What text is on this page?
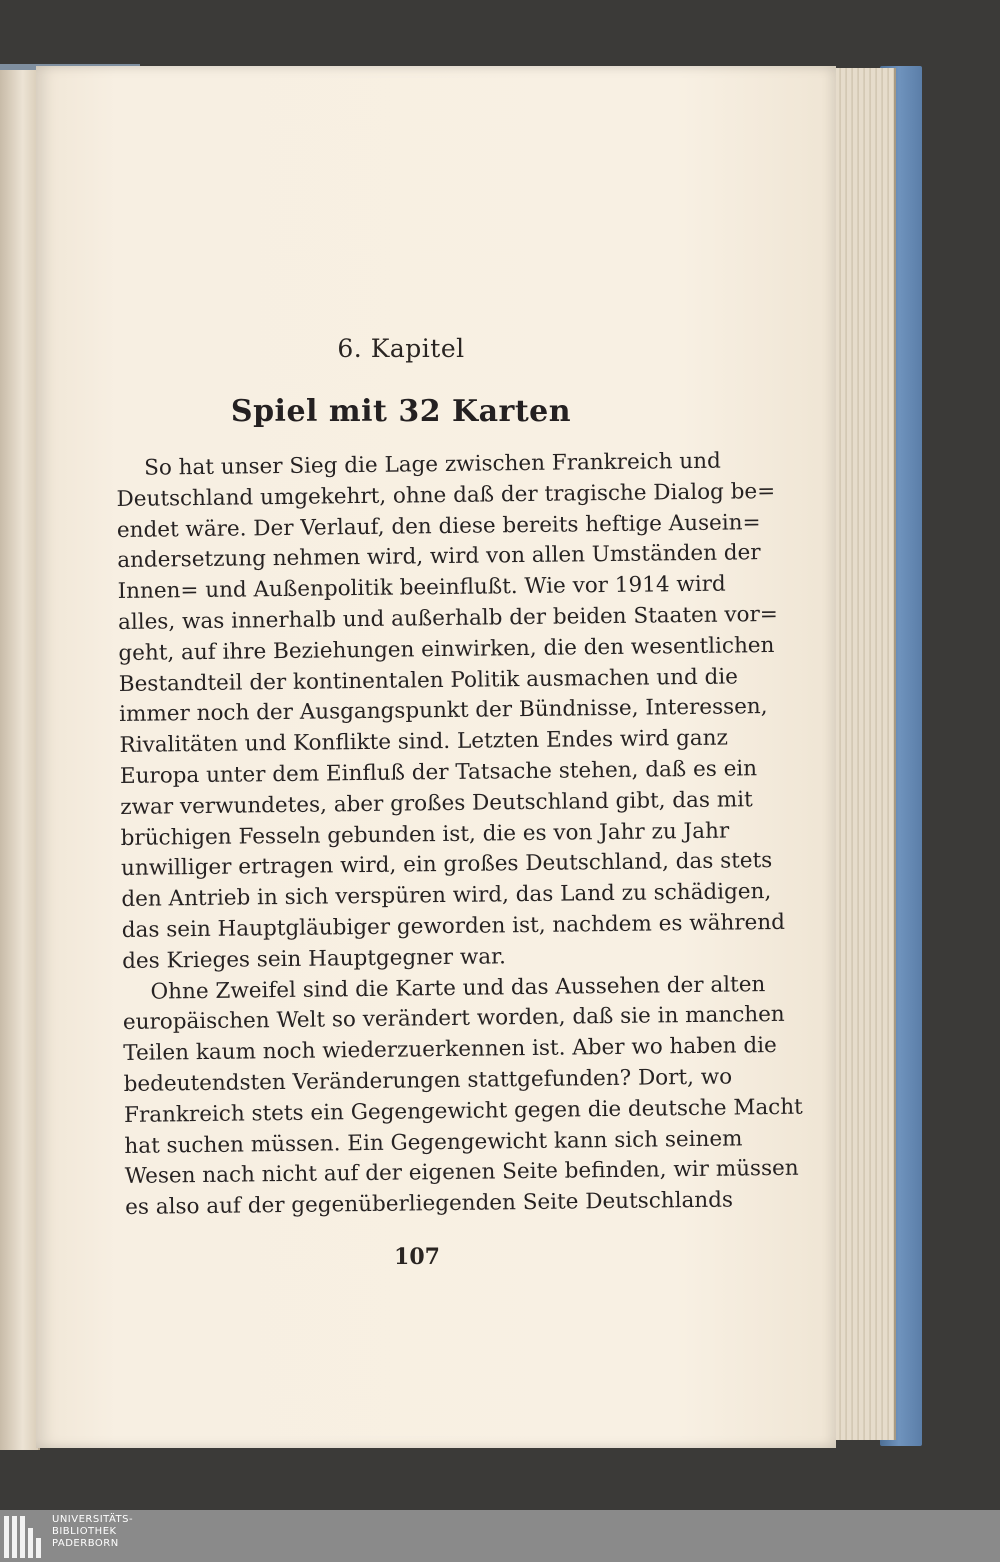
6. Kapitel
Spiel mit 32 Karten
So hat unser Sieg die Lage zwischen Frankreich und
Deutschland umgekehrt, ohne daß der tragische Dialog be=
endet wäre. Der Verlauf, den diese bereits heftige Ausein=
andersetzung nehmen wird, wird von allen Umständen der
Innen= und Außenpolitik beeinflußt. Wie vor 1914 wird
alles, was innerhalb und außerhalb der beiden Staaten vor=
geht, auf ihre Beziehungen einwirken, die den wesentlichen
Bestandteil der kontinentalen Politik ausmachen und die
immer noch der Ausgangspunkt der Bündnisse, Interessen,
Rivalitäten und Konflikte sind. Letzten Endes wird ganz
Europa unter dem Einfluß der Tatsache stehen, daß es ein
zwar verwundetes, aber großes Deutschland gibt, das mit
brüchigen Fesseln gebunden ist, die es von Jahr zu Jahr
unwilliger ertragen wird, ein großes Deutschland, das stets
den Antrieb in sich verspüren wird, das Land zu schädigen,
das sein Hauptgläubiger geworden ist, nachdem es während
des Krieges sein Hauptgegner war.
Ohne Zweifel sind die Karte und das Aussehen der alten
europäischen Welt so verändert worden, daß sie in manchen
Teilen kaum noch wiederzuerkennen ist. Aber wo haben die
bedeutendsten Veränderungen stattgefunden? Dort, wo
Frankreich stets ein Gegengewicht gegen die deutsche Macht
hat suchen müssen. Ein Gegengewicht kann sich seinem
Wesen nach nicht auf der eigenen Seite befinden, wir müssen
es also auf der gegenüberliegenden Seite Deutschlands
107
UNIVERSITÄTS-
BIBLIOTHEK
PADERBORN
